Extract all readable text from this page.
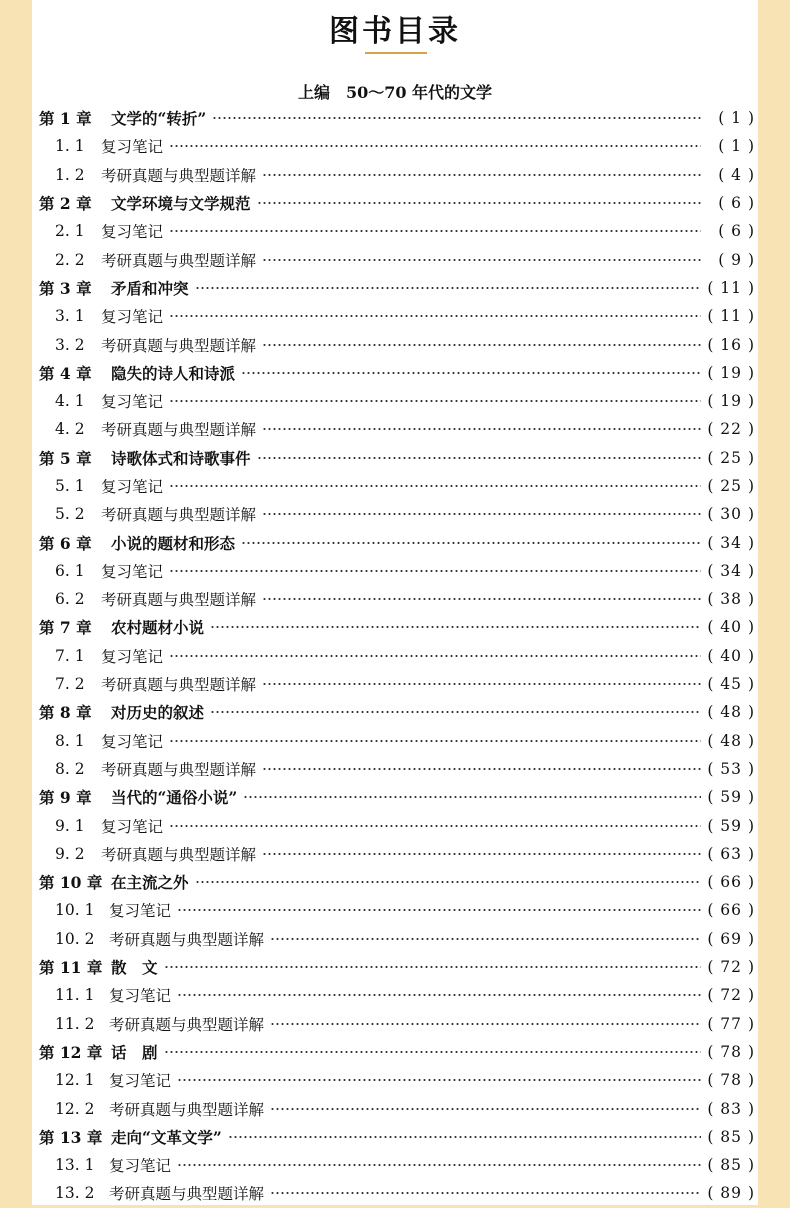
图书目录
上编　50～70 年代的文学
第 1 章	文学的“转折”	( 1 )
1. 1	复习笔记	( 1 )
1. 2	考研真题与典型题详解	( 4 )
第 2 章	文学环境与文学规范	( 6 )
2. 1	复习笔记	( 6 )
2. 2	考研真题与典型题详解	( 9 )
第 3 章	矛盾和冲突	( 11 )
3. 1	复习笔记	( 11 )
3. 2	考研真题与典型题详解	( 16 )
第 4 章	隐失的诗人和诗派	( 19 )
4. 1	复习笔记	( 19 )
4. 2	考研真题与典型题详解	( 22 )
第 5 章	诗歌体式和诗歌事件	( 25 )
5. 1	复习笔记	( 25 )
5. 2	考研真题与典型题详解	( 30 )
第 6 章	小说的题材和形态	( 34 )
6. 1	复习笔记	( 34 )
6. 2	考研真题与典型题详解	( 38 )
第 7 章	农村题材小说	( 40 )
7. 1	复习笔记	( 40 )
7. 2	考研真题与典型题详解	( 45 )
第 8 章	对历史的叙述	( 48 )
8. 1	复习笔记	( 48 )
8. 2	考研真题与典型题详解	( 53 )
第 9 章	当代的“通俗小说”	( 59 )
9. 1	复习笔记	( 59 )
9. 2	考研真题与典型题详解	( 63 )
第 10 章 在主流之外	( 66 )
10. 1 复习笔记	( 66 )
10. 2 考研真题与典型题详解	( 69 )
第 11 章 散　文	( 72 )
11. 1 复习笔记	( 72 )
11. 2 考研真题与典型题详解	( 77 )
第 12 章 话　剧	( 78 )
12. 1 复习笔记	( 78 )
12. 2 考研真题与典型题详解	( 83 )
第 13 章 走向“文革文学”	( 85 )
13. 1 复习笔记	( 85 )
13. 2 考研真题与典型题详解	( 89 )
